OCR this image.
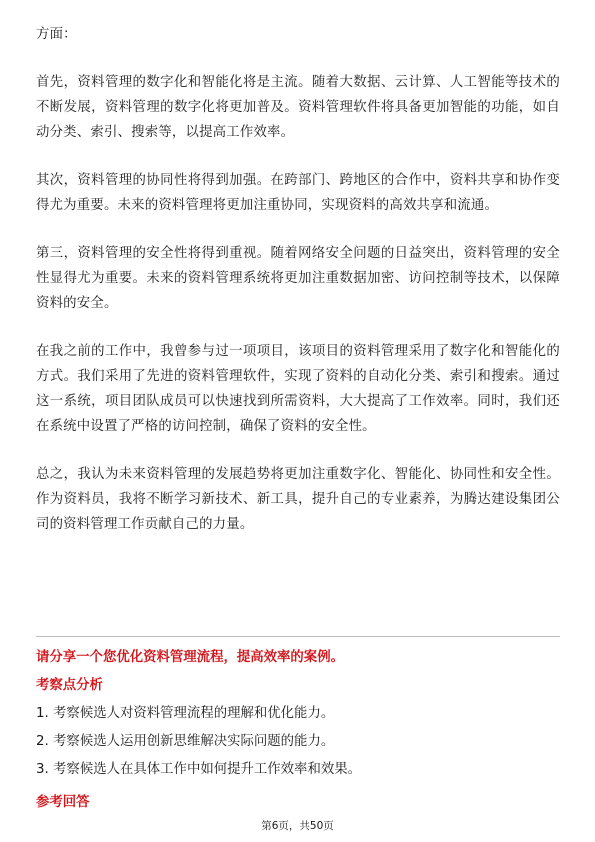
方面：

首先，资料管理的数字化和智能化将是主流。随着大数据、云计算、人工智能等技术的不断发展，资料管理的数字化将更加普及。资料管理软件将具备更加智能的功能，如自动分类、索引、搜索等，以提高工作效率。

其次，资料管理的协同性将得到加强。在跨部门、跨地区的合作中，资料共享和协作变得尤为重要。未来的资料管理将更加注重协同，实现资料的高效共享和流通。

第三，资料管理的安全性将得到重视。随着网络安全问题的日益突出，资料管理的安全性显得尤为重要。未来的资料管理系统将更加注重数据加密、访问控制等技术，以保障资料的安全。

在我之前的工作中，我曾参与过一项项目，该项目的资料管理采用了数字化和智能化的方式。我们采用了先进的资料管理软件，实现了资料的自动化分类、索引和搜索。通过这一系统，项目团队成员可以快速找到所需资料，大大提高了工作效率。同时，我们还在系统中设置了严格的访问控制，确保了资料的安全性。

总之，我认为未来资料管理的发展趋势将更加注重数字化、智能化、协同性和安全性。作为资料员，我将不断学习新技术、新工具，提升自己的专业素养，为腾达建设集团公司的资料管理工作贡献自己的力量。

请分享一个您优化资料管理流程，提高效率的案例。
考察点分析
1. 考察候选人对资料管理流程的理解和优化能力。
2. 考察候选人运用创新思维解决实际问题的能力。
3. 考察候选人在具体工作中如何提升工作效率和效果。
参考回答
第6页，共50页
